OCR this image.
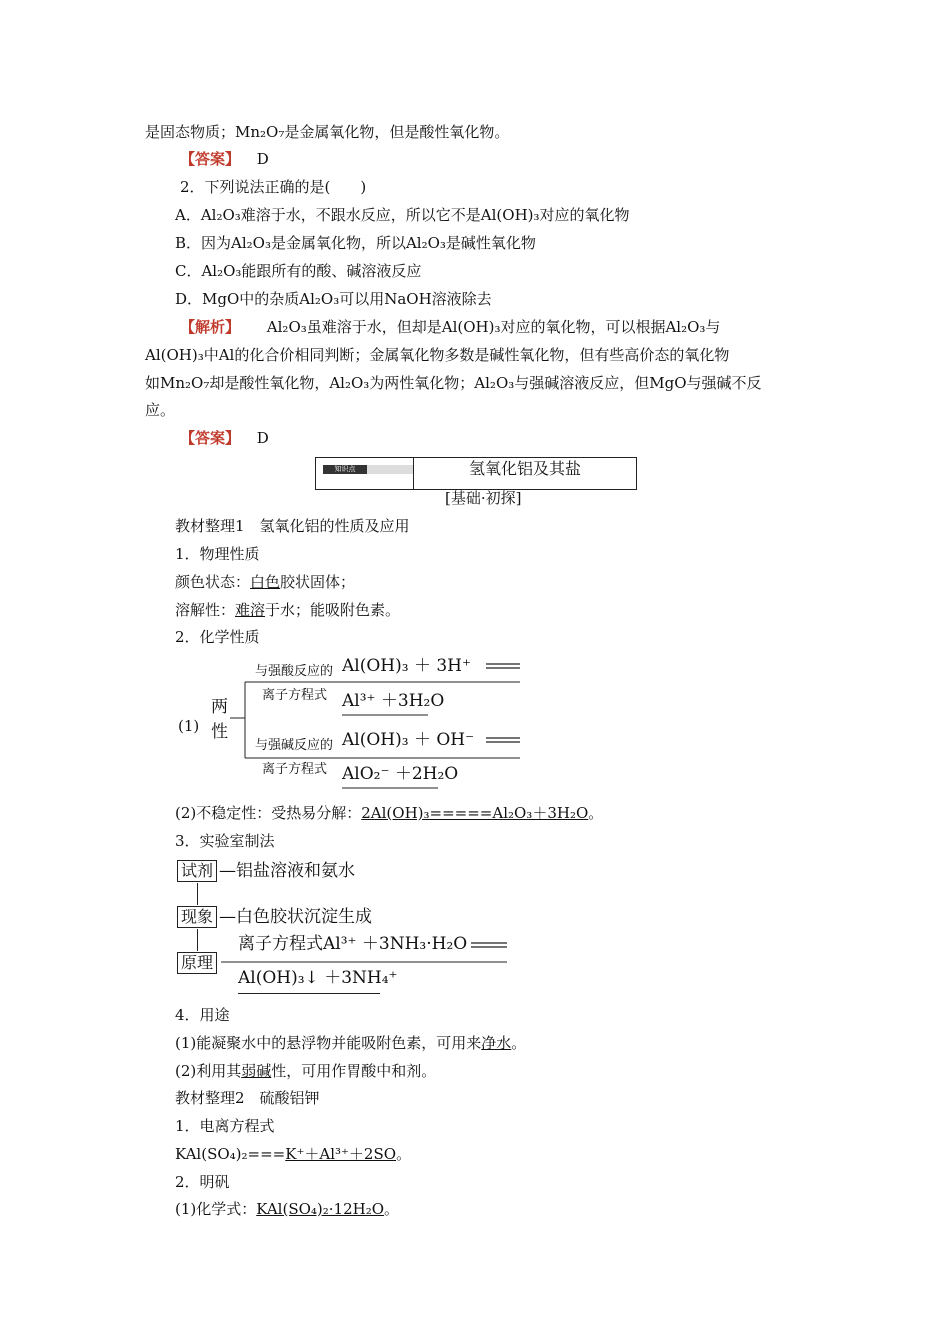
是固态物质；Mn₂O₇是金属氧化物，但是酸性氧化物。
【答案】 D
2．下列说法正确的是(　　)
A．Al₂O₃难溶于水，不跟水反应，所以它不是Al(OH)₃对应的氧化物
B．因为Al₂O₃是金属氧化物，所以Al₂O₃是碱性氧化物
C．Al₂O₃能跟所有的酸、碱溶液反应
D．MgO中的杂质Al₂O₃可以用NaOH溶液除去
【解析】 Al₂O₃虽难溶于水，但却是Al(OH)₃对应的氧化物，可以根据Al₂O₃与
Al(OH)₃中Al的化合价相同判断；金属氧化物多数是碱性氧化物，但有些高价态的氧化物
如Mn₂O₇却是酸性氧化物，Al₂O₃为两性氧化物；Al₂O₃与强碱溶液反应，但MgO与强碱不反
应。
【答案】 D
知识点	氢氧化铝及其盐
[基础·初探]
教材整理1　氢氧化铝的性质及应用
1．物理性质
颜色状态：白色胶状固体；
溶解性：难溶于水；能吸附色素。
2．化学性质
(1)
两
性
与强酸反应的
离子方程式
Al(OH)₃ ＋ 3H⁺
Al³⁺ ＋3H₂O
与强碱反应的
离子方程式
Al(OH)₃ ＋ OH⁻
AlO₂⁻ ＋2H₂O
(2)不稳定性：受热易分解：2Al(OH)₃=====Al₂O₃＋3H₂O。
3．实验室制法
试剂 —铝盐溶液和氨水
现象 —白色胶状沉淀生成
离子方程式Al³⁺ ＋3NH₃·H₂O
原理
Al(OH)₃↓ ＋3NH₄⁺
4．用途
(1)能凝聚水中的悬浮物并能吸附色素，可用来净水。
(2)利用其弱碱性，可用作胃酸中和剂。
教材整理2　硫酸铝钾
1．电离方程式
KAl(SO₄)₂===K⁺＋Al³⁺＋2SO。
2．明矾
(1)化学式：KAl(SO₄)₂·12H₂O。
